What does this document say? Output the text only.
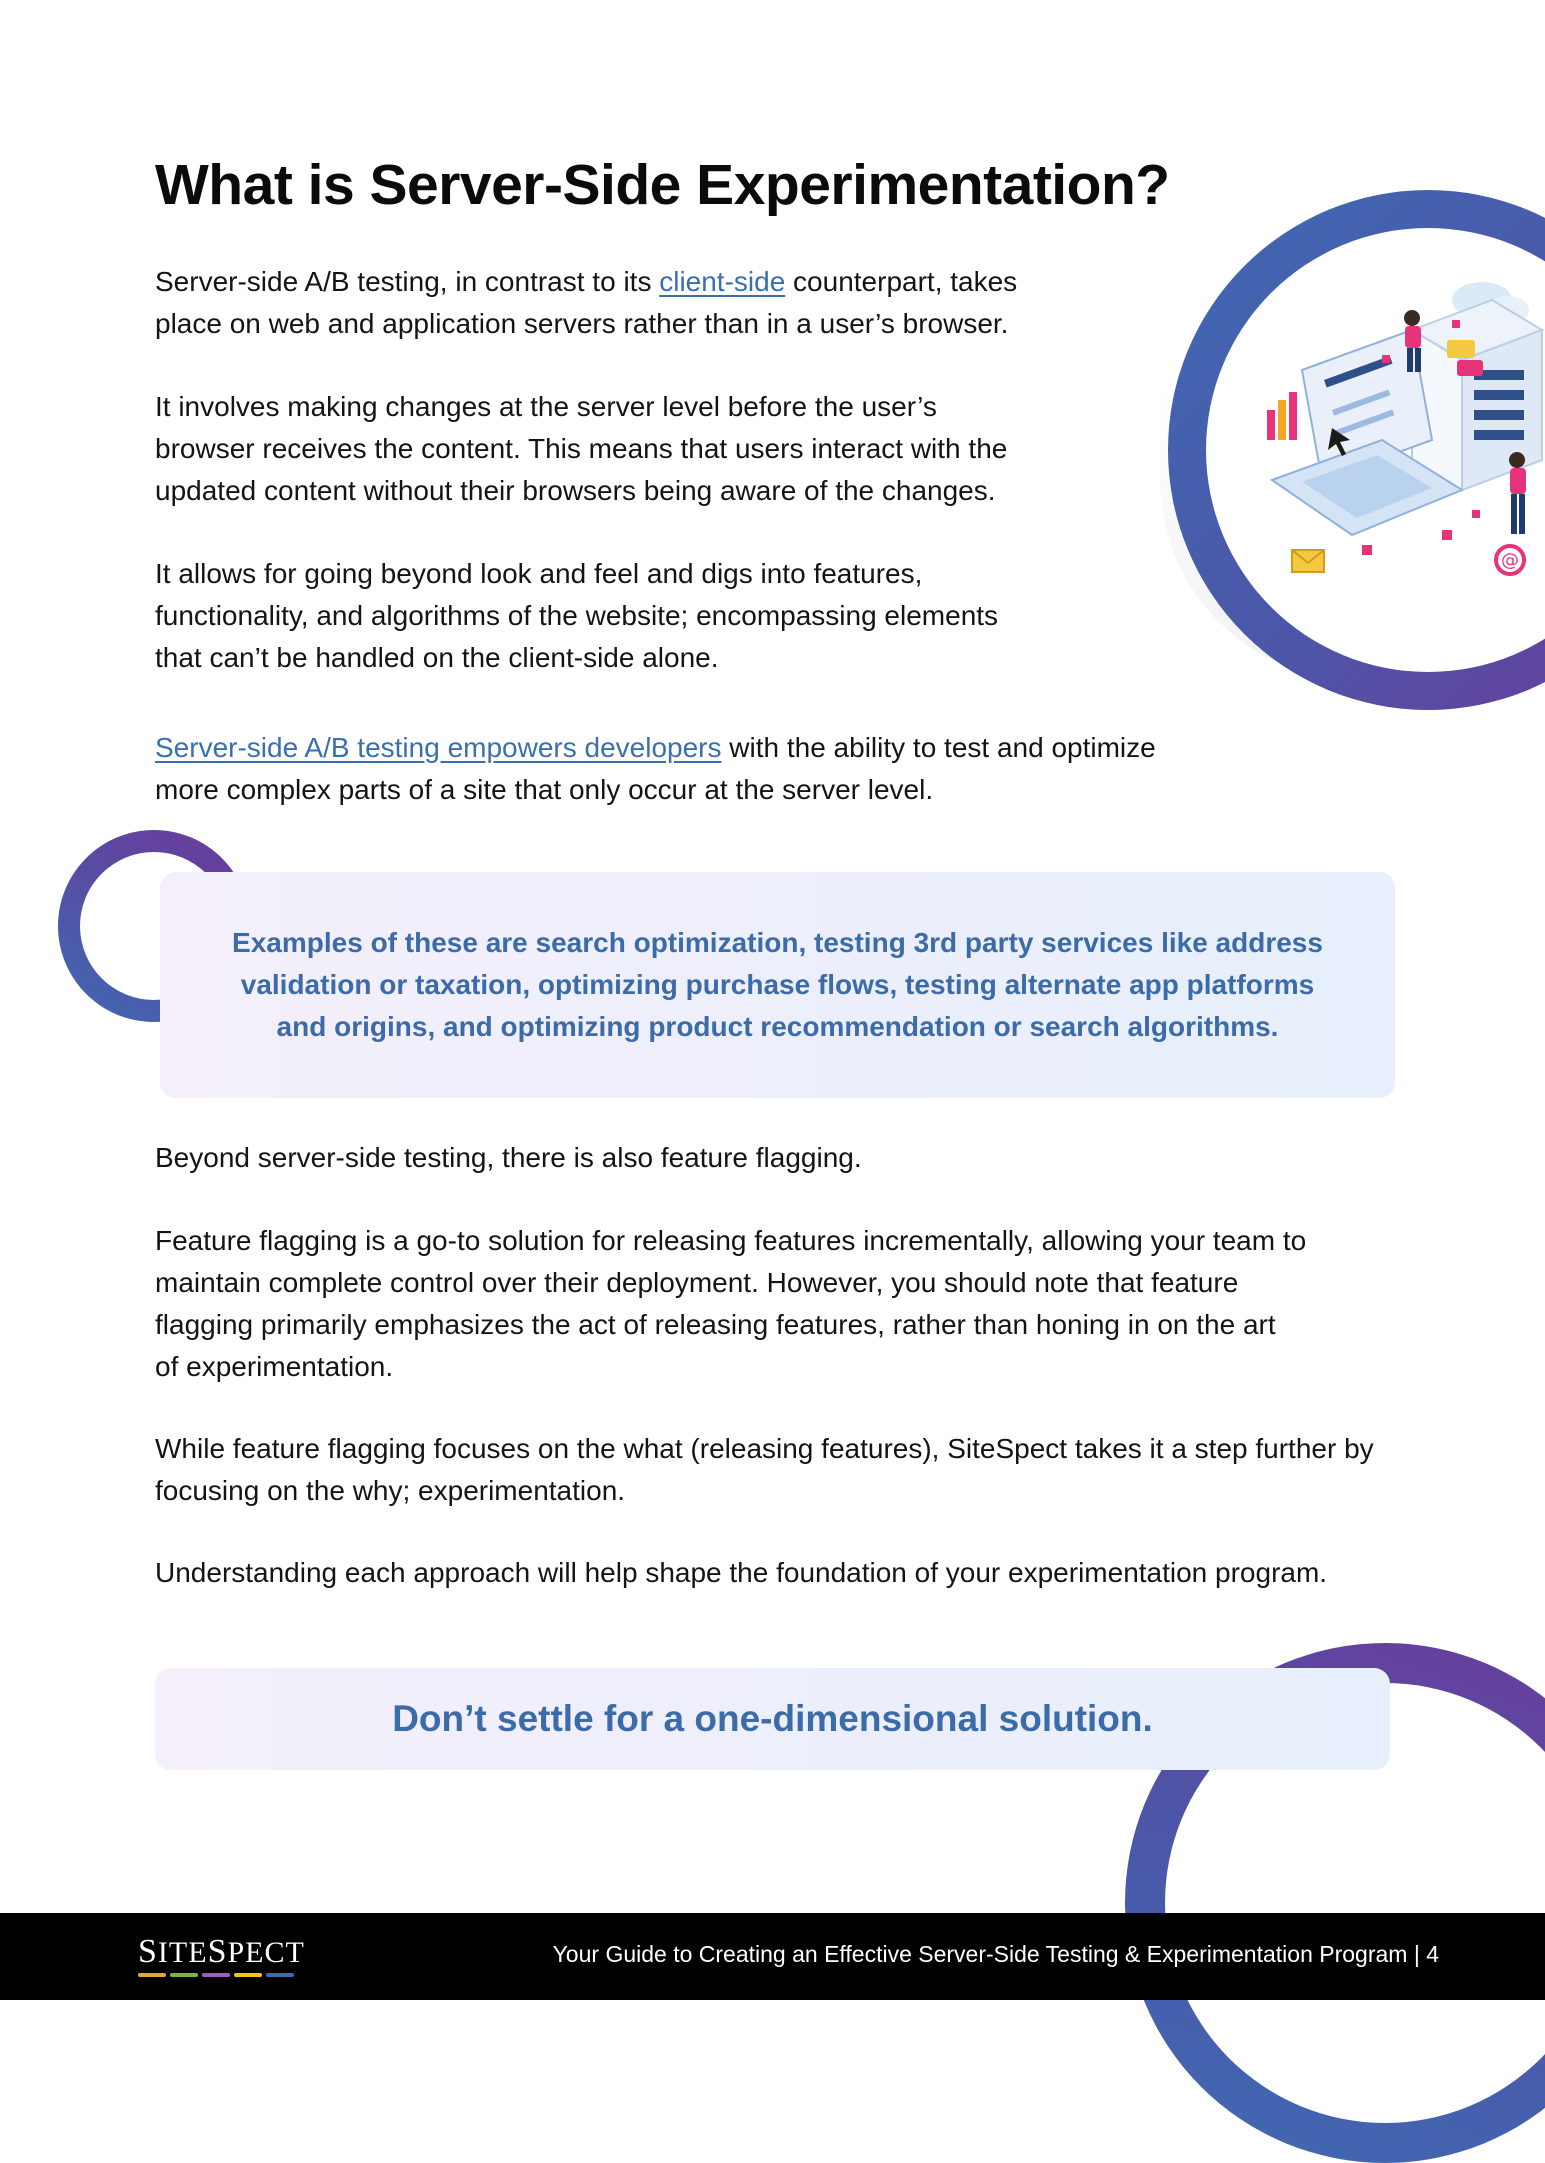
@
What is Server-Side Experimentation?

Server-side A/B testing, in contrast to its client-side counterpart, takes
place on web and application servers rather than in a user’s browser.

It involves making changes at the server level before the user’s
browser receives the content. This means that users interact with the
updated content without their browsers being aware of the changes.

It allows for going beyond look and feel and digs into features,
functionality, and algorithms of the website; encompassing elements
that can’t be handled on the client-side alone.

Server-side A/B testing empowers developers with the ability to test and optimize
more complex parts of a site that only occur at the server level.

Examples of these are search optimization, testing 3rd party services like address
validation or taxation, optimizing purchase flows, testing alternate app platforms
and origins, and optimizing product recommendation or search algorithms.

Beyond server-side testing, there is also feature flagging.

Feature flagging is a go-to solution for releasing features incrementally, allowing your team to
maintain complete control over their deployment. However, you should note that feature
flagging primarily emphasizes the act of releasing features, rather than honing in on the art
of experimentation.

While feature flagging focuses on the what (releasing features), SiteSpect takes it a step further by
focusing on the why; experimentation.

Understanding each approach will help shape the foundation of your experimentation program.

Don’t settle for a one-dimensional solution.

SITESPECT	Your Guide to Creating an Effective Server-Side Testing & Experimentation Program | 4
